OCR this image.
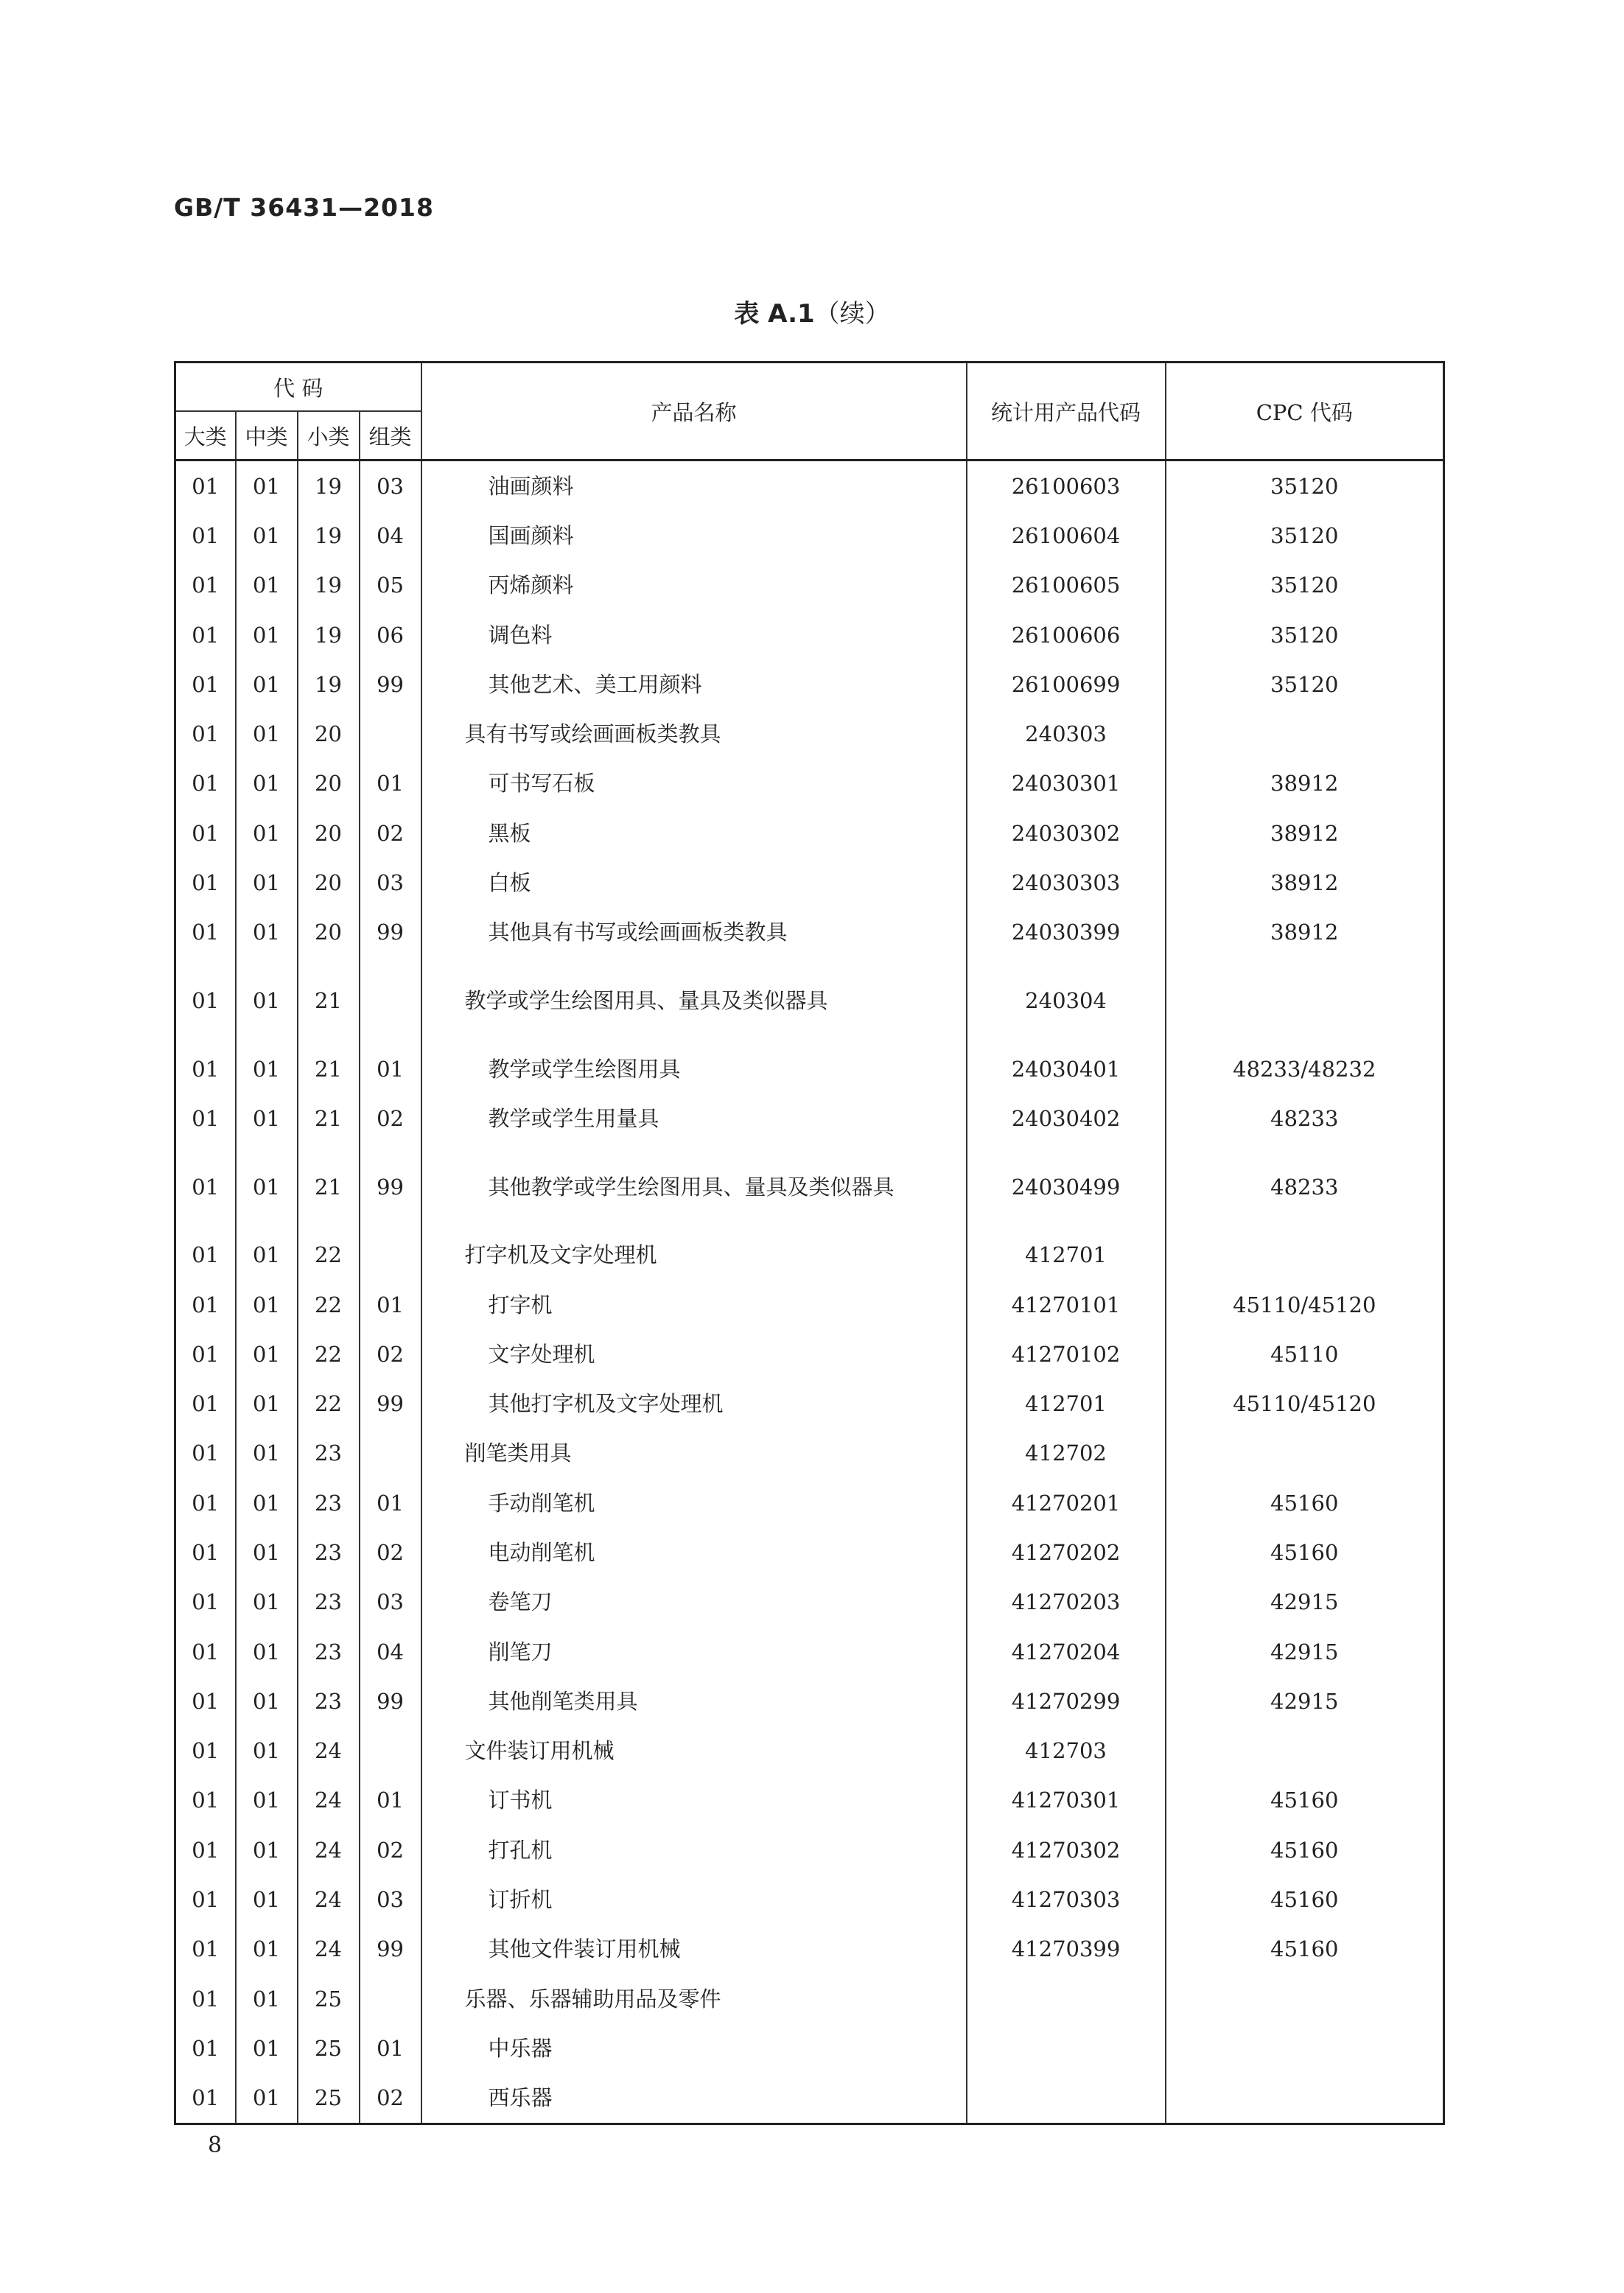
GB/T 36431—2018
表 A.1（续）
代 码				产品名称	统计用产品代码	CPC 代码
大类	中类	小类	组类			
01	01	19	03	油画颜料	26100603	35120
01	01	19	04	国画颜料	26100604	35120
01	01	19	05	丙烯颜料	26100605	35120
01	01	19	06	调色料	26100606	35120
01	01	19	99	其他艺术、美工用颜料	26100699	35120
01	01	20		具有书写或绘画画板类教具	240303	
01	01	20	01	可书写石板	24030301	38912
01	01	20	02	黑板	24030302	38912
01	01	20	03	白板	24030303	38912
01	01	20	99	其他具有书写或绘画画板类教具	24030399	38912
01	01	21		教学或学生绘图用具、量具及类似器具	240304	
01	01	21	01	教学或学生绘图用具	24030401	48233/48232
01	01	21	02	教学或学生用量具	24030402	48233
01	01	21	99	其他教学或学生绘图用具、量具及类似器具	24030499	48233
01	01	22		打字机及文字处理机	412701	
01	01	22	01	打字机	41270101	45110/45120
01	01	22	02	文字处理机	41270102	45110
01	01	22	99	其他打字机及文字处理机	412701	45110/45120
01	01	23		削笔类用具	412702	
01	01	23	01	手动削笔机	41270201	45160
01	01	23	02	电动削笔机	41270202	45160
01	01	23	03	卷笔刀	41270203	42915
01	01	23	04	削笔刀	41270204	42915
01	01	23	99	其他削笔类用具	41270299	42915
01	01	24		文件装订用机械	412703	
01	01	24	01	订书机	41270301	45160
01	01	24	02	打孔机	41270302	45160
01	01	24	03	订折机	41270303	45160
01	01	24	99	其他文件装订用机械	41270399	45160
01	01	25		乐器、乐器辅助用品及零件		

01	01	25	01	中乐器		

01	01	25	02	西乐器		

8
